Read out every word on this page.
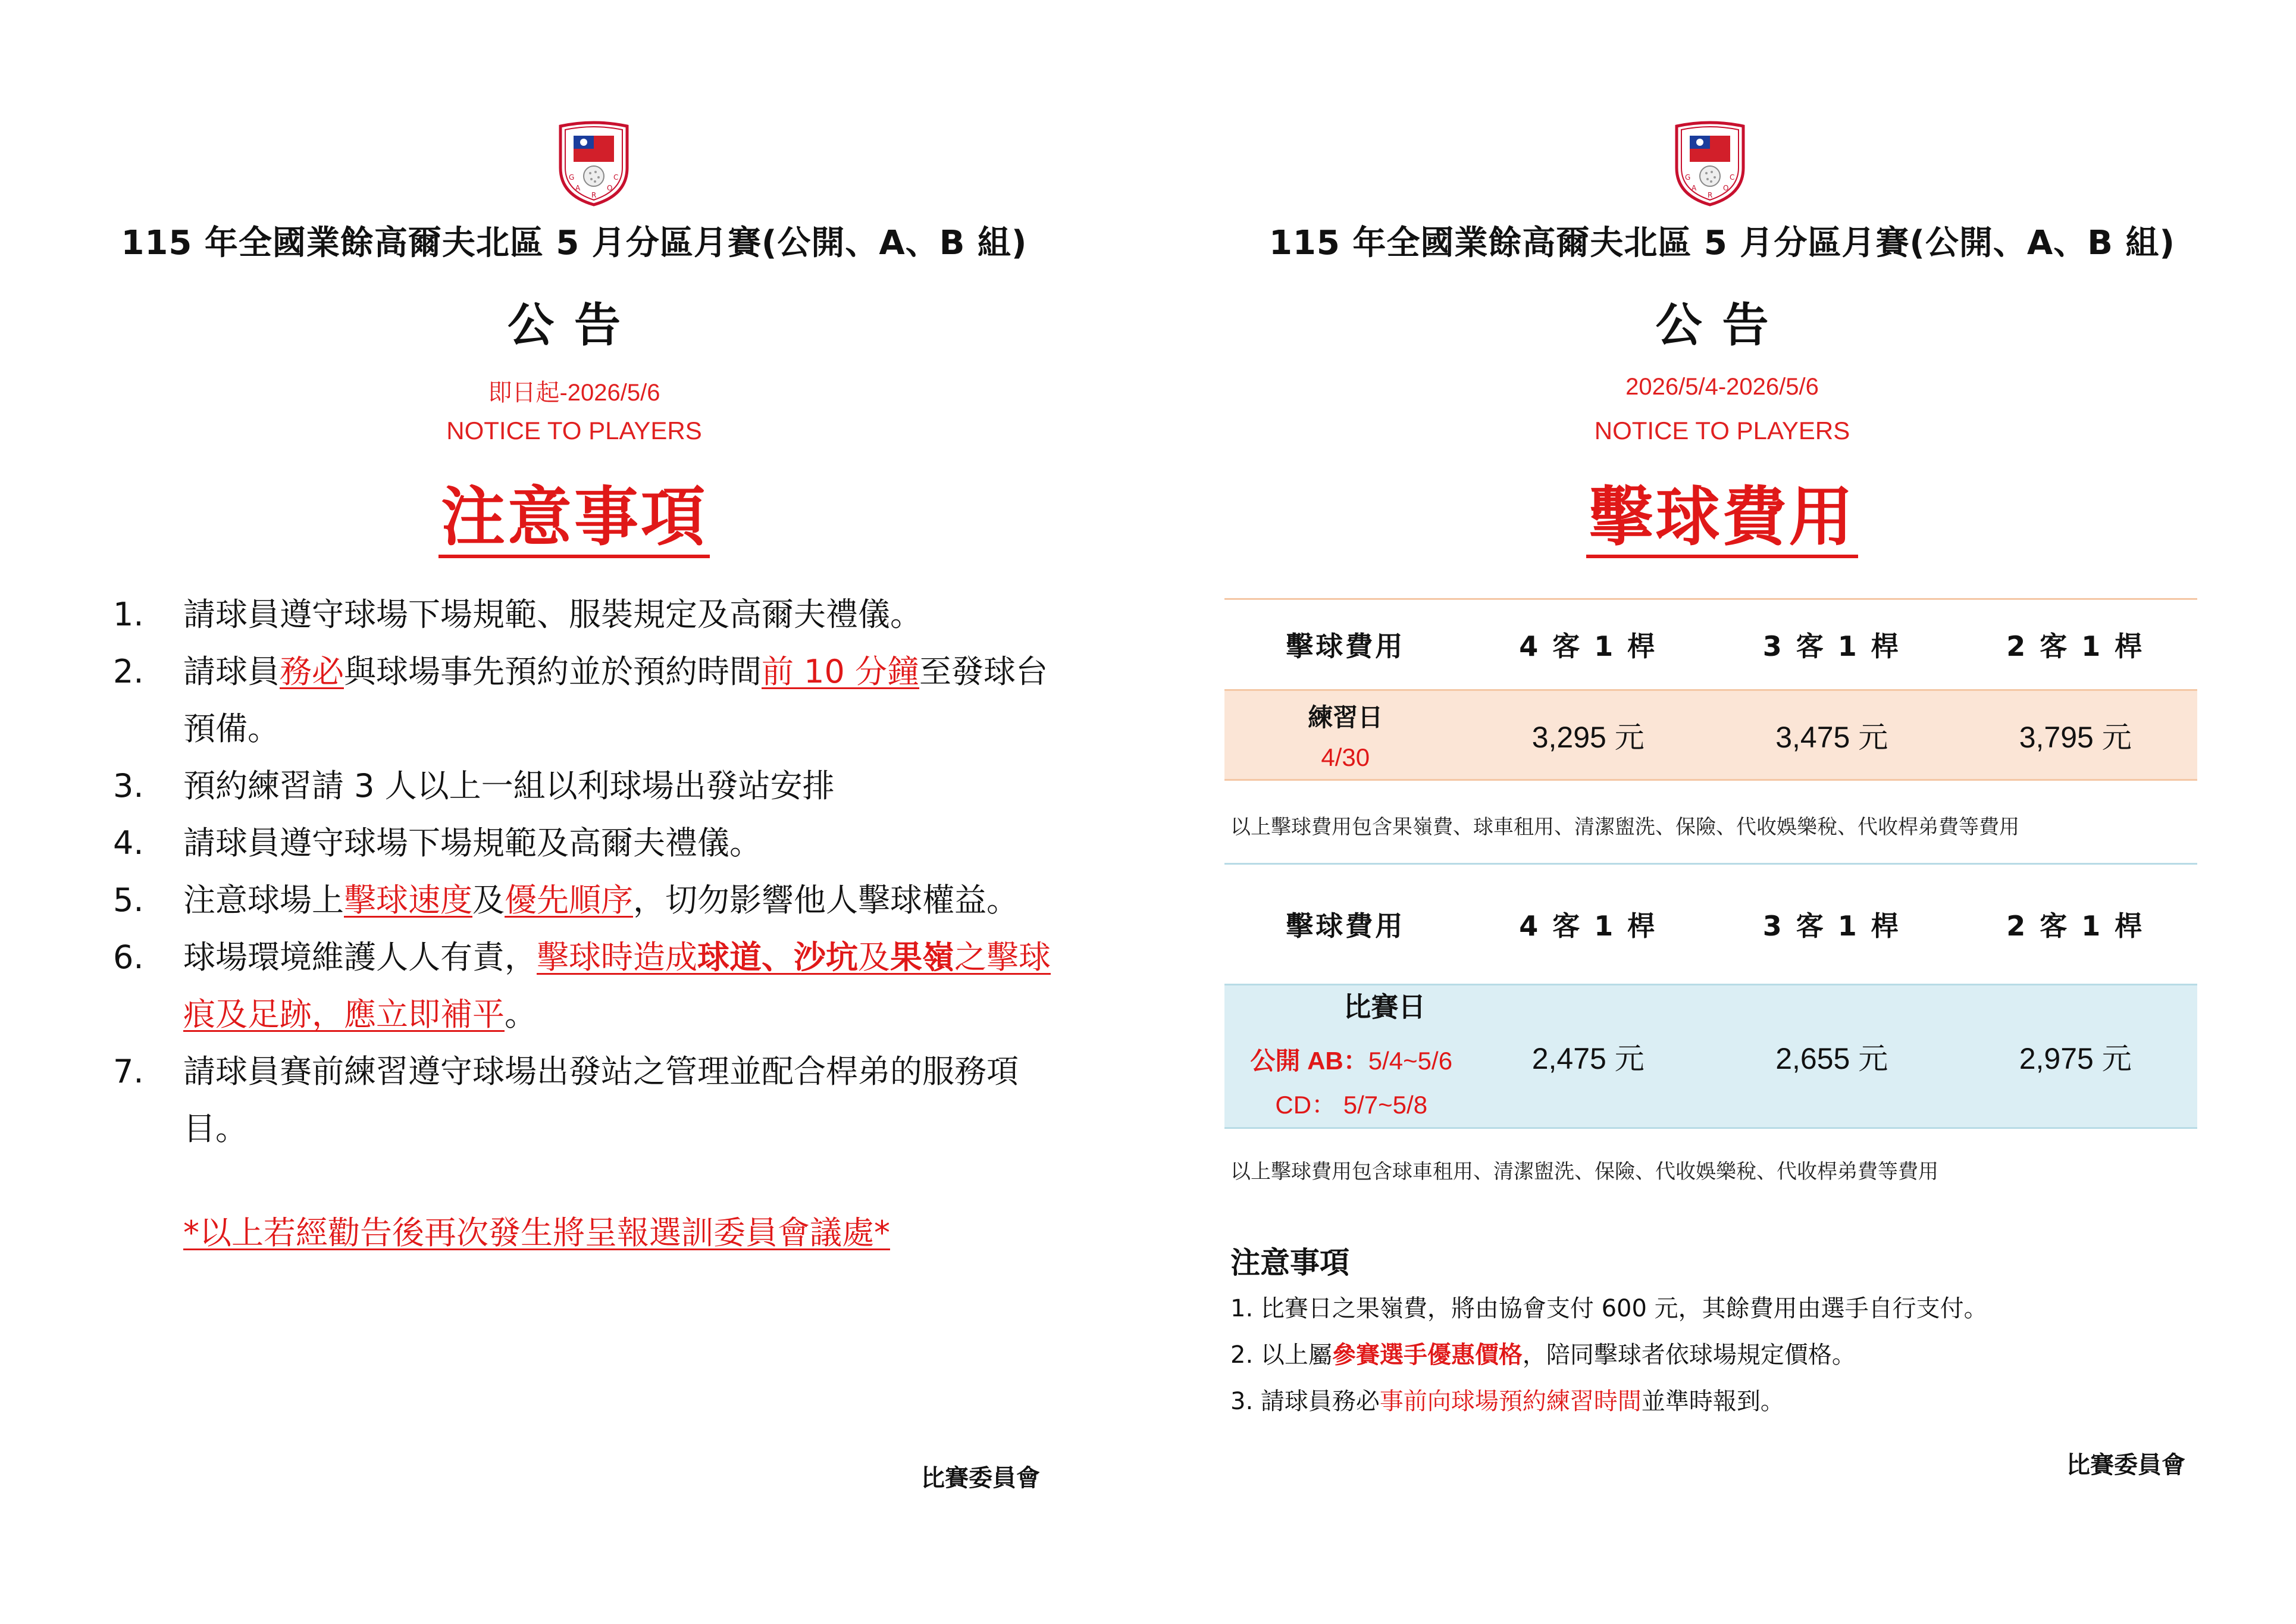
G
A
R
O
C
115 年全國業餘高爾夫北區 5 月分區月賽(公開、A、B 組)
公告
即日起-2026/5/6
NOTICE TO PLAYERS
注意事項
1.	請球員遵守球場下場規範、服裝規定及高爾夫禮儀。
2.	請球員務必與球場事先預約並於預約時間前 10 分鐘至發球台預備。
3.	預約練習請 3 人以上一組以利球場出發站安排
4.	請球員遵守球場下場規範及高爾夫禮儀。
5.	注意球場上擊球速度及優先順序，切勿影響他人擊球權益。
6.	球場環境維護人人有責，擊球時造成球道、沙坑及果嶺之擊球痕及足跡，應立即補平。
7.	請球員賽前練習遵守球場出發站之管理並配合桿弟的服務項目。
*以上若經勸告後再次發生將呈報選訓委員會議處*
比賽委員會
G
A
R
O
C
115 年全國業餘高爾夫北區 5 月分區月賽(公開、A、B 組)
公告
2026/5/4-2026/5/6
NOTICE TO PLAYERS
擊球費用
擊球費用	4 客 1 桿	3 客 1 桿	2 客 1 桿

練習日
4/30	3,295 元	3,475 元	3,795 元
以上擊球費用包含果嶺費、球車租用、清潔盥洗、保險、代收娛樂稅、代收桿弟費等費用
擊球費用	4 客 1 桿	3 客 1 桿	2 客 1 桿

比賽日
公開 AB：5/4~5/6
CD： 5/7~5/8	2,475 元	2,655 元	2,975 元
以上擊球費用包含球車租用、清潔盥洗、保險、代收娛樂稅、代收桿弟費等費用
注意事項
1. 比賽日之果嶺費，將由協會支付 600 元，其餘費用由選手自行支付。
2. 以上屬參賽選手優惠價格，陪同擊球者依球場規定價格。
3. 請球員務必事前向球場預約練習時間並準時報到。
比賽委員會
